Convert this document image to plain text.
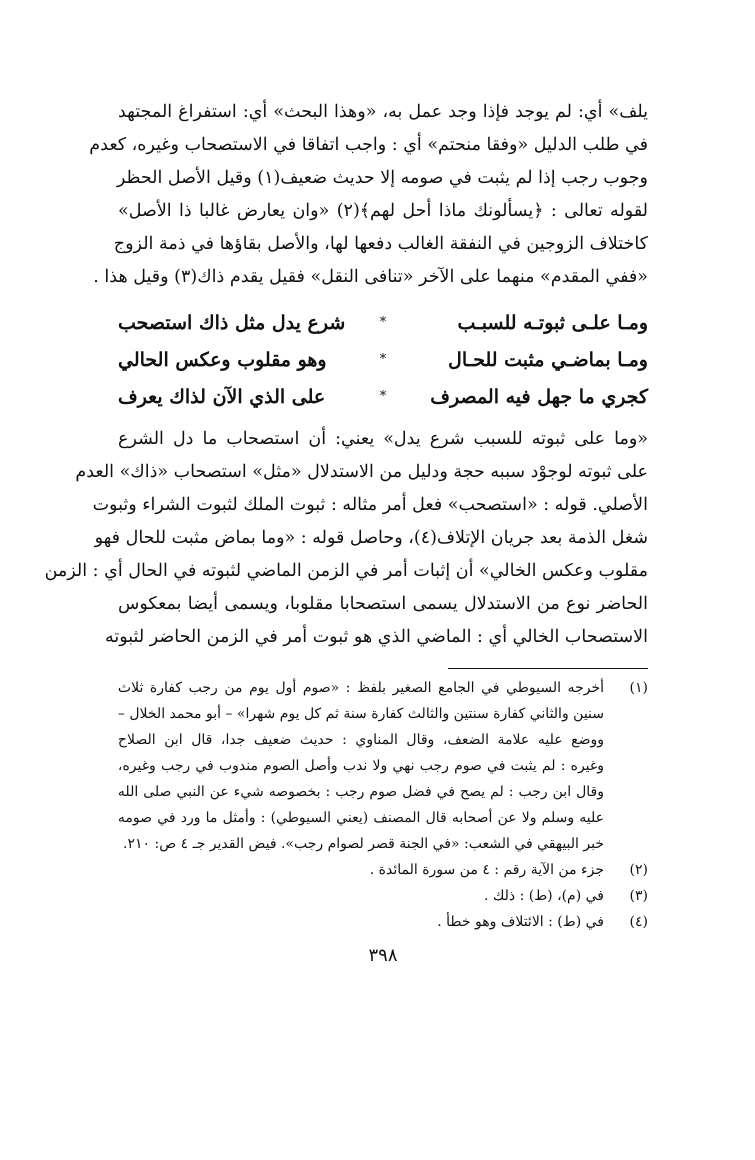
يلف» أي: لم يوجد فإذا وجد عمل به، «وهذا البحث» أي: استفراغ المجتهد

في طلب الدليل «وفقا منحتم» أي : واجب اتفاقا في الاستصحاب وغيره، كعدم

وجوب رجب إذا لم يثبت في صومه إلا حديث ضعيف(١) وقيل الأصل الحظر

لقوله تعالى : ﴿يسألونك ماذا أحل لهم﴾(٢) «وان يعارض غالبا ذا الأصل»

كاختلاف الزوجين في النفقة الغالب دفعها لها، والأصل بقاؤها في ذمة الزوج

«ففي المقدم» منهما على الآخر «تنافى النقل» فقيل يقدم ذاك(٣) وقيل هذا .

ومـا علـى ثبوتـه للسبـب
*
شرع يدل مثل ذاك استصحب
ومـا بماضـي مثبت للحـال
*
وهو مقلوب وعكس الحالي
كجري ما جهل فيه المصرف
*
على الذي الآن لذاك يعرف

«وما على ثبوته للسبب شرع يدل» يعني: أن استصحاب ما دل الشرع

على ثبوته لوجوْد سببه حجة ودليل من الاستدلال «مثل» استصحاب «ذاك» العدم

الأصلي. قوله : «استصحب» فعل أمر مثاله : ثبوت الملك لثبوت الشراء وثبوت

شغل الذمة بعد جريان الإتلاف(٤)، وحاصل قوله : «وما بماض مثبت للحال فهو

مقلوب وعكس الخالي» أن إثبات أمر في الزمن الماضي لثبوته في الحال أي : الزمن

الحاضر نوع من الاستدلال يسمى استصحابا مقلوبا، ويسمى أيضا بمعكوس

الاستصحاب الخالي أي : الماضي الذي هو ثبوت أمر في الزمن الحاضر لثبوته

(١)
أخرجه السيوطي في الجامع الصغير بلفظ : «صوم أول يوم من رجب كفارة ثلاث
سنين والثاني كفارة سنتين والثالث كفارة سنة ثم كل يوم شهرا» – أبو محمد الخلال –
ووضع عليه علامة الضعف، وقال المناوي : حديث ضعيف جدا، قال ابن الصلاح
وغيره : لم يثبت في صوم رجب نهي ولا ندب وأصل الصوم مندوب في رجب وغيره،
وقال ابن رجب : لم يصح في فضل صوم رجب : بخصوصه شيء عن النبي صلى الله
عليه وسلم ولا عن أصحابه قال المصنف (يعني السيوطي) : وأمثل ما ورد في صومه
خبر البيهقي في الشعب: «في الجنة قصر لصوام رجب». فيض القدير جـ ٤ ص: ٢١٠.
(٢)
جزء من الآية رقم : ٤ من سورة المائدة .
(٣)
في (م)، (ط) : ذلك .
(٤)
في (ط) : الائتلاف وهو خطأ .
٣٩٨
